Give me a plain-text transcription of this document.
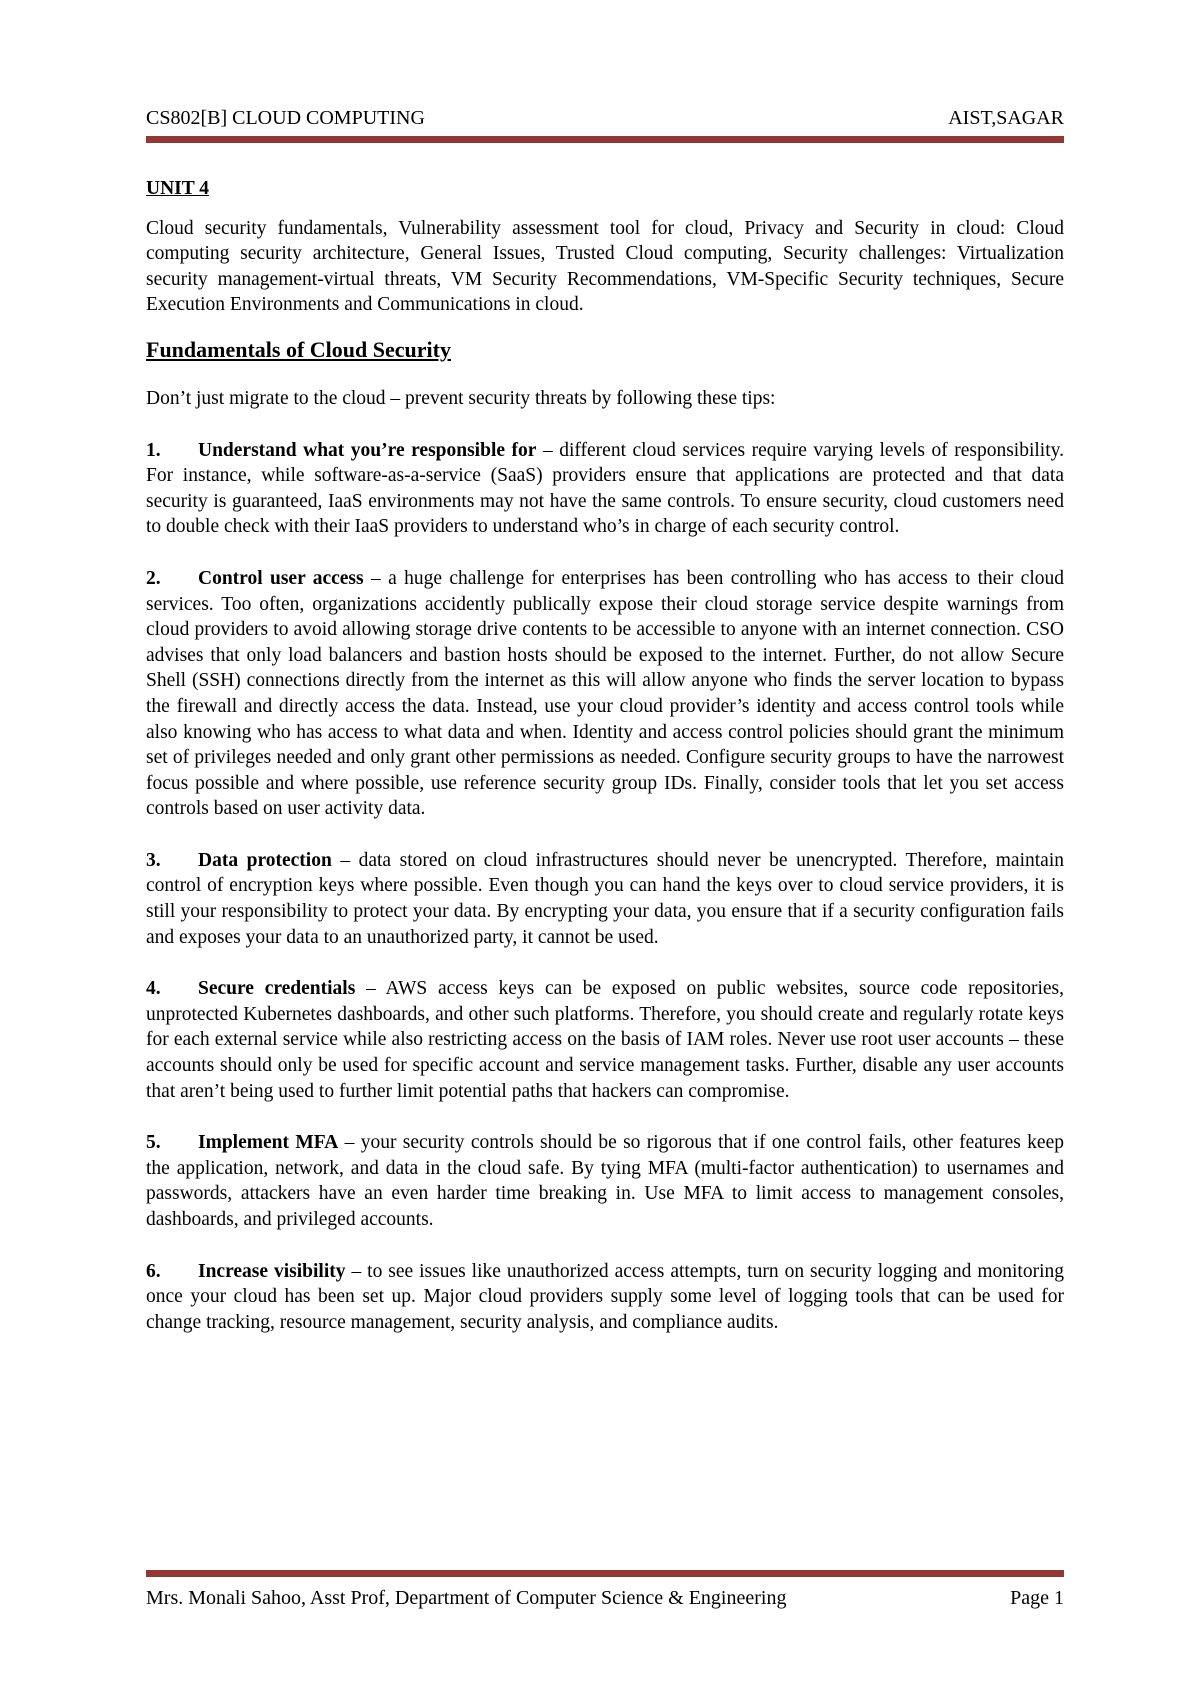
CS802[B] CLOUD COMPUTING	AIST,SAGAR
UNIT 4

Cloud security fundamentals, Vulnerability assessment tool for cloud, Privacy and Security in cloud: Cloud computing security architecture, General Issues, Trusted Cloud computing, Security challenges: Virtualization security management-virtual threats, VM Security Recommendations, VM-Specific Security techniques, Secure Execution Environments and Communications in cloud.

Fundamentals of Cloud Security

Don’t just migrate to the cloud – prevent security threats by following these tips:

1. Understand what you’re responsible for – different cloud services require varying levels of responsibility. For instance, while software-as-a-service (SaaS) providers ensure that applications are protected and that data security is guaranteed, IaaS environments may not have the same controls. To ensure security, cloud customers need to double check with their IaaS providers to understand who’s in charge of each security control.

2. Control user access – a huge challenge for enterprises has been controlling who has access to their cloud services. Too often, organizations accidently publically expose their cloud storage service despite warnings from cloud providers to avoid allowing storage drive contents to be accessible to anyone with an internet connection. CSO advises that only load balancers and bastion hosts should be exposed to the internet. Further, do not allow Secure Shell (SSH) connections directly from the internet as this will allow anyone who finds the server location to bypass the firewall and directly access the data. Instead, use your cloud provider’s identity and access control tools while also knowing who has access to what data and when. Identity and access control policies should grant the minimum set of privileges needed and only grant other permissions as needed. Configure security groups to have the narrowest focus possible and where possible, use reference security group IDs. Finally, consider tools that let you set access controls based on user activity data.

3. Data protection – data stored on cloud infrastructures should never be unencrypted. Therefore, maintain control of encryption keys where possible. Even though you can hand the keys over to cloud service providers, it is still your responsibility to protect your data. By encrypting your data, you ensure that if a security configuration fails and exposes your data to an unauthorized party, it cannot be used.

4. Secure credentials – AWS access keys can be exposed on public websites, source code repositories, unprotected Kubernetes dashboards, and other such platforms. Therefore, you should create and regularly rotate keys for each external service while also restricting access on the basis of IAM roles. Never use root user accounts – these accounts should only be used for specific account and service management tasks. Further, disable any user accounts that aren’t being used to further limit potential paths that hackers can compromise.

5. Implement MFA – your security controls should be so rigorous that if one control fails, other features keep the application, network, and data in the cloud safe. By tying MFA (multi-factor authentication) to usernames and passwords, attackers have an even harder time breaking in. Use MFA to limit access to management consoles, dashboards, and privileged accounts.

6. Increase visibility – to see issues like unauthorized access attempts, turn on security logging and monitoring once your cloud has been set up. Major cloud providers supply some level of logging tools that can be used for change tracking, resource management, security analysis, and compliance audits.

Mrs. Monali Sahoo, Asst Prof, Department of Computer Science & Engineering	Page 1
